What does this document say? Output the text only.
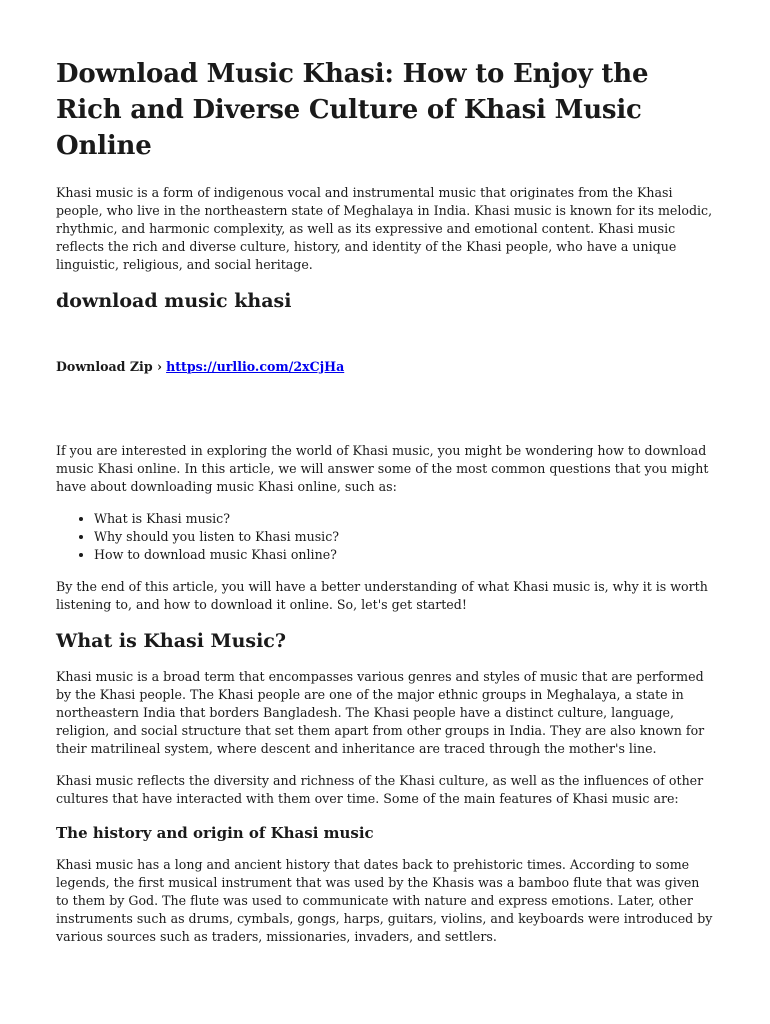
Download Music Khasi: How to Enjoy the Rich and Diverse Culture of Khasi Music Online

Khasi music is a form of indigenous vocal and instrumental music that originates from the Khasi people, who live in the northeastern state of Meghalaya in India. Khasi music is known for its melodic, rhythmic, and harmonic complexity, as well as its expressive and emotional content. Khasi music reflects the rich and diverse culture, history, and identity of the Khasi people, who have a unique linguistic, religious, and social heritage.

download music khasi
Download Zip › https://urllio.com/2xCjHa

If you are interested in exploring the world of Khasi music, you might be wondering how to download music Khasi online. In this article, we will answer some of the most common questions that you might have about downloading music Khasi online, such as:

• What is Khasi music?
• Why should you listen to Khasi music?
• How to download music Khasi online?

By the end of this article, you will have a better understanding of what Khasi music is, why it is worth listening to, and how to download it online. So, let's get started!

What is Khasi Music?

Khasi music is a broad term that encompasses various genres and styles of music that are performed by the Khasi people. The Khasi people are one of the major ethnic groups in Meghalaya, a state in northeastern India that borders Bangladesh. The Khasi people have a distinct culture, language, religion, and social structure that set them apart from other groups in India. They are also known for their matrilineal system, where descent and inheritance are traced through the mother's line.

Khasi music reflects the diversity and richness of the Khasi culture, as well as the influences of other cultures that have interacted with them over time. Some of the main features of Khasi music are:

The history and origin of Khasi music

Khasi music has a long and ancient history that dates back to prehistoric times. According to some legends, the first musical instrument that was used by the Khasis was a bamboo flute that was given to them by God. The flute was used to communicate with nature and express emotions. Later, other instruments such as drums, cymbals, gongs, harps, guitars, violins, and keyboards were introduced by various sources such as traders, missionaries, invaders, and settlers.
